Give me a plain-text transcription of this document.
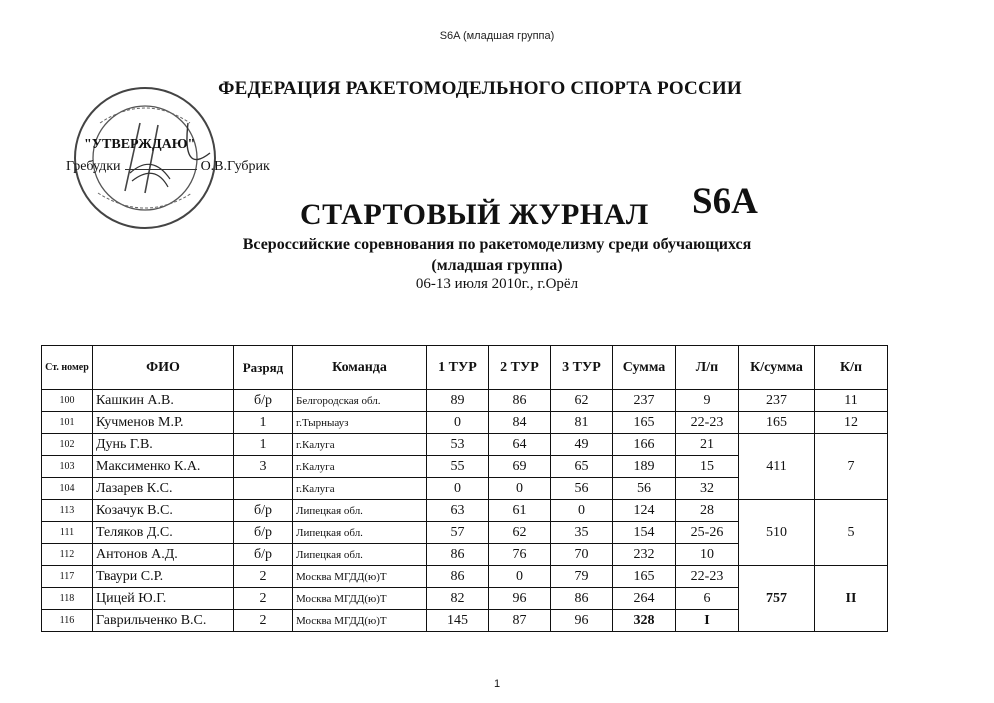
S6A (младшая группа)
ФЕДЕРАЦИЯ РАКЕТОМОДЕЛЬНОГО СПОРТА РОССИИ
"УТВЕРЖДАЮ"
Гребудки	О.В.Губрик
СТАРТОВЫЙ ЖУРНАЛ S6A
Всероссийские соревнования по ракетомоделизму среди обучающихся
(младшая группа)
06-13 июля 2010г., г.Орёл
Ст. номер	ФИО	Разряд	Команда	1 ТУР	2 ТУР	3 ТУР	Сумма	Л/п	К/сумма	К/п
100	Кашкин А.В.	б/р	Белгородская обл.	89	86	62	237	9	237	11
101	Кучменов М.Р.	1	г.Тырныауз	0	84	81	165	22-23	165	12
102	Дунь Г.В.	1	г.Калуга	53	64	49	166	21	411	7
103	Максименко К.А.	3	г.Калуга	55	69	65	189	15		
104	Лазарев К.С.		г.Калуга	0	0	56	56	32		
113	Козачук В.С.	б/р	Липецкая обл.	63	61	0	124	28	510	5
111	Теляков Д.С.	б/р	Липецкая обл.	57	62	35	154	25-26		
112	Антонов А.Д.	б/р	Липецкая обл.	86	76	70	232	10		
117	Тваури С.Р.	2	Москва МГДД(ю)Т	86	0	79	165	22-23	757	II
118	Цицей Ю.Г.	2	Москва МГДД(ю)Т	82	96	86	264	6		
116	Гаврильченко В.С.	2	Москва МГДД(ю)Т	145	87	96	328	I		
1
